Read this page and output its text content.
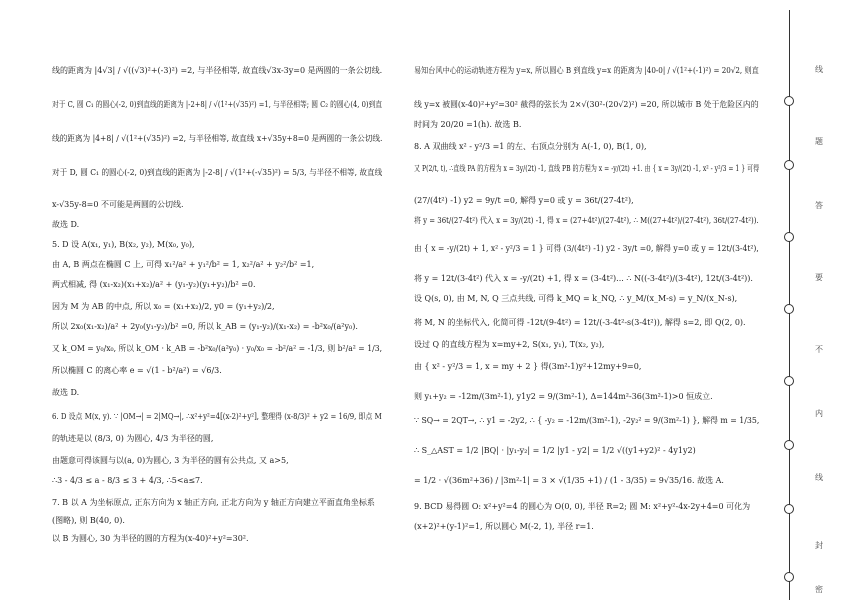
线的距离为 |4√3| / √((√3)²+(-3)²) =2, 与半径相等, 故直线√3x-3y=0 是两圆的一条公切线.
对于 C, 圆 C₁ 的圆心(-2, 0)到直线的距离为 |-2+8| / √(1²+(√35)²) =1, 与半径相等; 圆 C₂ 的圆心(4, 0)到直
线的距离为 |4+8| / √(1²+(√35)²) =2, 与半径相等, 故直线 x+√35y+8=0 是两圆的一条公切线.
对于 D, 圆 C₁ 的圆心(-2, 0)到直线的距离为 |-2-8| / √(1²+(-√35)²) = 5/3, 与半径不相等, 故直线
x-√35y-8=0 不可能是两圆的公切线.
故选 D.
5. D 设 A(x₁, y₁), B(x₂, y₂), M(x₀, y₀),
由 A, B 两点在椭圆 C 上, 可得 x₁²/a² + y₁²/b² = 1, x₂²/a² + y₂²/b² =1,
两式相减, 得 (x₁-x₂)(x₁+x₂)/a² + (y₁-y₂)(y₁+y₂)/b² =0.
因为 M 为 AB 的中点, 所以 x₀ = (x₁+x₂)/2, y0 = (y₁+y₂)/2,
所以 2x₀(x₁-x₂)/a² + 2y₀(y₁-y₂)/b² =0, 所以 k_AB = (y₁-y₂)/(x₁-x₂) = -b²x₀/(a²y₀).
又 k_OM = y₀/x₀, 所以 k_OM · k_AB = -b²x₀/(a²y₀) · y₀/x₀ = -b²/a² = -1/3, 则 b²/a² = 1/3,
所以椭圆 C 的离心率 e = √(1 - b²/a²) = √6/3.
故选 D.
6. D 设点 M(x, y). ∵ |OM→| = 2|MQ→|, ∴x²+y²=4[(x-2)²+y²], 整理得 (x-8/3)² + y2 = 16/9, 即点 M
的轨迹是以 (8/3, 0) 为圆心, 4/3 为半径的圆,
由题意可得该圆与以(a, 0)为圆心, 3 为半径的圆有公共点, 又 a>5,
∴3 - 4/3 ≤ a - 8/3 ≤ 3 + 4/3, ∴5<a≤7.
7. B 以 A 为坐标原点, 正东方向为 x 轴正方向, 正北方向为 y 轴正方向建立平面直角坐标系
(图略), 则 B(40, 0).
以 B 为圆心, 30 为半径的圆的方程为(x-40)²+y²=30².
易知台风中心的运动轨迹方程为 y=x, 所以圆心 B 到直线 y=x 的距离为 |40-0| / √(1²+(-1)²) = 20√2, 则直
线 y=x 被圆(x-40)²+y²=30² 截得的弦长为 2×√(30²-(20√2)²) =20, 所以城市 B 处于危险区内的
时间为 20/20 =1(h). 故选 B.
8. A 双曲线 x² - y²/3 =1 的左、右顶点分别为 A(-1, 0), B(1, 0),
又 P(2/t, t), ∴直线 PA 的方程为 x = 3y/(2t) -1, 直线 PB 的方程为 x = -y/(2t) +1. 由 { x = 3y/(2t) -1, x² - y²/3 = 1 } 可得
(27/(4t²) -1) y2 = 9y/t =0, 解得 y=0 或 y = 36t/(27-4t²),
将 y = 36t/(27-4t²) 代入 x = 3y/(2t) -1, 得 x = (27+4t²)/(27-4t²), ∴ M((27+4t²)/(27-4t²), 36t/(27-4t²)).
由 { x = -y/(2t) + 1, x² - y²/3 = 1 } 可得 (3/(4t²) -1) y2 - 3y/t =0, 解得 y=0 或 y = 12t/(3-4t²),
将 y = 12t/(3-4t²) 代入 x = -y/(2t) +1, 得 x = (3-4t²)... ∴ N((-3-4t²)/(3-4t²), 12t/(3-4t²)).
设 Q(s, 0), 由 M, N, Q 三点共线, 可得 k_MQ = k_NQ, ∴ y_M/(x_M-s) = y_N/(x_N-s),
将 M, N 的坐标代入, 化简可得 -12t/(9-4t²) = 12t/(-3-4t²-s(3-4t²)), 解得 s=2, 即 Q(2, 0).
设过 Q 的直线方程为 x=my+2, S(x₁, y₁), T(x₂, y₂),
由 { x² - y²/3 = 1, x = my + 2 } 得(3m²-1)y²+12my+9=0,
则 y₁+y₂ = -12m/(3m²-1), y1y2 = 9/(3m²-1), Δ=144m²-36(3m²-1)>0 恒成立.
∵ SQ→ = 2QT→, ∴ y1 = -2y2, ∴ { -y₂ = -12m/(3m²-1), -2y₂² = 9/(3m²-1) }, 解得 m = 1/35,
∴ S_△AST = 1/2 |BQ| · |y₁-y₂| = 1/2 |y1 - y2| = 1/2 √((y1+y2)² - 4y1y2)
= 1/2 · √(36m²+36) / |3m²-1| = 3 × √(1/35 +1) / (1 - 3/35) = 9√35/16. 故选 A.
9. BCD 易得圆 O: x²+y²=4 的圆心为 O(0, 0), 半径 R=2; 圆 M: x²+y²-4x-2y+4=0 可化为
(x+2)²+(y-1)²=1, 所以圆心 M(-2, 1), 半径 r=1.
线
题
答
要
不
内
线
封
密
